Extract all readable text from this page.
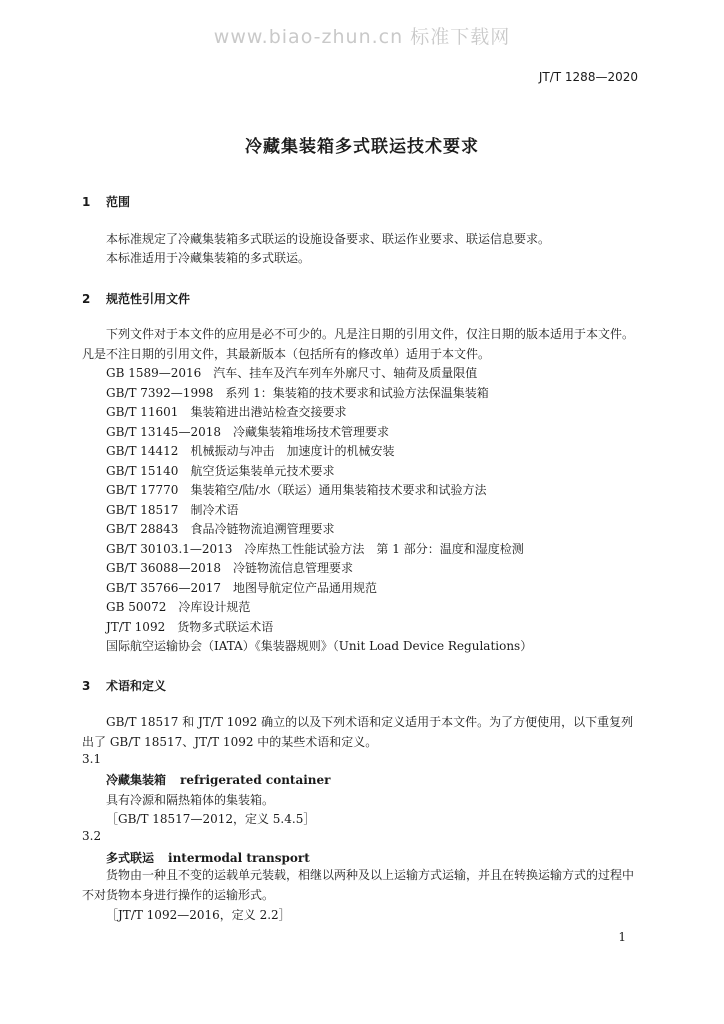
www.biao-zhun.cn 标准下载网
JT/T 1288—2020
冷藏集装箱多式联运技术要求
1 范围
本标准规定了冷藏集装箱多式联运的设施设备要求、联运作业要求、联运信息要求。
本标准适用于冷藏集装箱的多式联运。
2 规范性引用文件
下列文件对于本文件的应用是必不可少的。凡是注日期的引用文件，仅注日期的版本适用于本文件。凡是不注日期的引用文件，其最新版本（包括所有的修改单）适用于本文件。
GB 1589—2016　汽车、挂车及汽车列车外廓尺寸、轴荷及质量限值
GB/T 7392—1998　系列 1：集装箱的技术要求和试验方法保温集装箱
GB/T 11601　集装箱进出港站检查交接要求
GB/T 13145—2018　冷藏集装箱堆场技术管理要求
GB/T 14412　机械振动与冲击　加速度计的机械安装
GB/T 15140　航空货运集装单元技术要求
GB/T 17770　集装箱空/陆/水（联运）通用集装箱技术要求和试验方法
GB/T 18517　制冷术语
GB/T 28843　食品冷链物流追溯管理要求
GB/T 30103.1—2013　冷库热工性能试验方法　第 1 部分：温度和湿度检测
GB/T 36088—2018　冷链物流信息管理要求
GB/T 35766—2017　地图导航定位产品通用规范
GB 50072　冷库设计规范
JT/T 1092　货物多式联运术语
国际航空运输协会（IATA）《集装器规则》（Unit Load Device Regulations）
3 术语和定义
GB/T 18517 和 JT/T 1092 确立的以及下列术语和定义适用于本文件。为了方便使用，以下重复列出了 GB/T 18517、JT/T 1092 中的某些术语和定义。
3.1
冷藏集装箱 refrigerated container
具有冷源和隔热箱体的集装箱。
［GB/T 18517—2012，定义 5.4.5］
3.2
多式联运 intermodal transport
货物由一种且不变的运载单元装载，相继以两种及以上运输方式运输，并且在转换运输方式的过程中不对货物本身进行操作的运输形式。
［JT/T 1092—2016，定义 2.2］
1
